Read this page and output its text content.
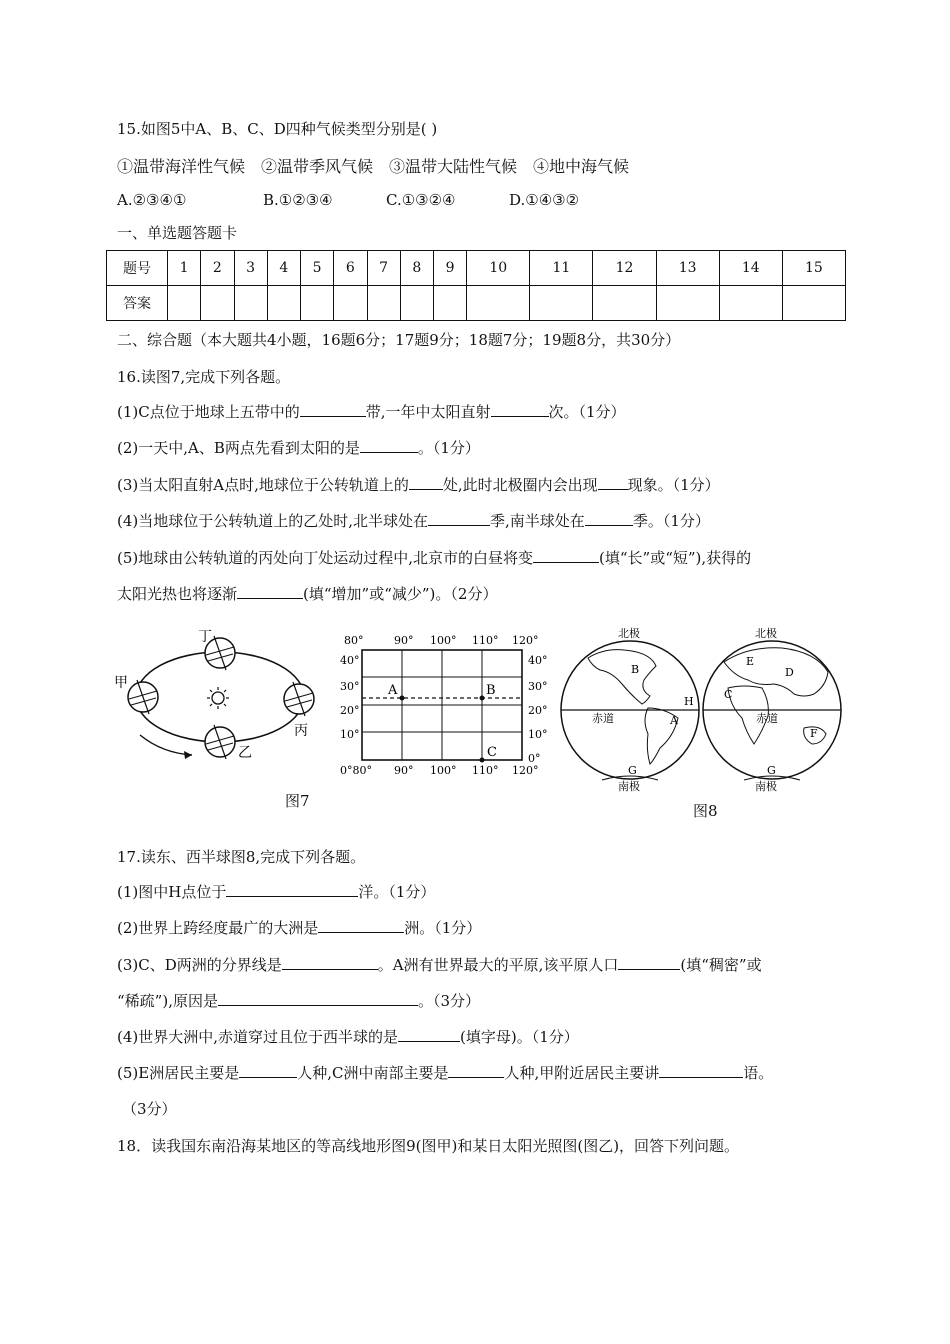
15.如图5中A、B、C、D四种气候类型分别是( )
①温带海洋性气候　②温带季风气候　③温带大陆性气候　④地中海气候
A.②③④①	B.①②③④	C.①③②④	D.①④③②
一、单选题答题卡
题号	1	2	3	4	5	6	7	8	9	10	11	12	13	14	15
答案															
二、综合题（本大题共4小题，16题6分；17题9分；18题7分；19题8分，共30分）
16.读图7,完成下列各题。
(1)C点位于地球上五带中的	带,一年中太阳直射	次。（1分）
(2)一天中,A、B两点先看到太阳的是	。（1分）
(3)当太阳直射A点时,地球位于公转轨道上的 处,此时北极圈内会出现 现象。（1分）
(4)当地球位于公转轨道上的乙处时,北半球处在	季,南半球处在	季。（1分）
(5)地球由公转轨道的丙处向丁处运动过程中,北京市的白昼将变	(填“长”或“短”),获得的
太阳光热也将逐渐	(填“增加”或“减少”)。（2分）
丁
甲
丙
乙
图7
A	B
C
80°	90° 100° 110° 120°
0°80° 90° 100° 110° 120°
40°
30°
20°
10°
40°
30°
20°
10°
0°
北极	北极
南极	南极
赤道	赤道
B
H
A
G
E
C
D
F
G
图8
17.读东、西半球图8,完成下列各题。
(1)图中H点位于	洋。（1分）
(2)世界上跨经度最广的大洲是	洲。（1分）
(3)C、D两洲的分界线是	。A洲有世界最大的平原,该平原人口	(填“稠密”或
“稀疏”),原因是	。（3分）
(4)世界大洲中,赤道穿过且位于西半球的是	(填字母)。（1分）
(5)E洲居民主要是	人种,C洲中南部主要是	人种,甲附近居民主要讲	语。
（3分）
18．读我国东南沿海某地区的等高线地形图9(图甲)和某日太阳光照图(图乙)，回答下列问题。
